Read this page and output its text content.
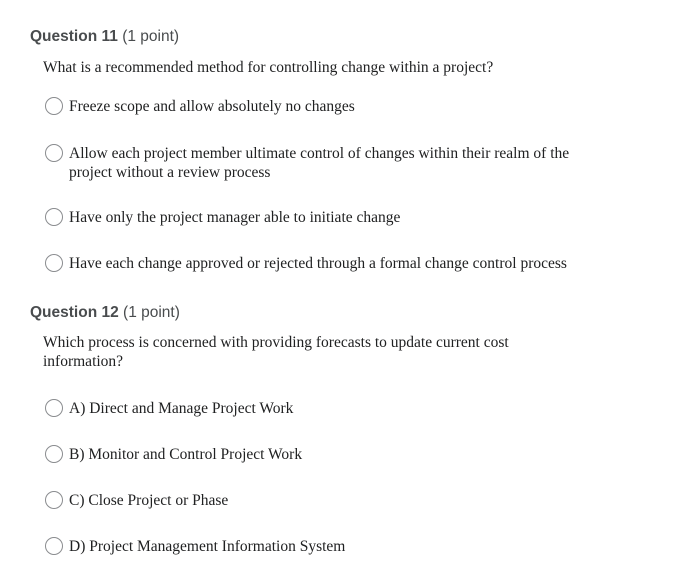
Question 11 (1 point)
What is a recommended method for controlling change within a project?
Freeze scope and allow absolutely no changes
Allow each project member ultimate control of changes within their realm of the project without a review process
Have only the project manager able to initiate change
Have each change approved or rejected through a formal change control process
Question 12 (1 point)
Which process is concerned with providing forecasts to update current cost information?
A) Direct and Manage Project Work
B) Monitor and Control Project Work
C) Close Project or Phase
D) Project Management Information System
